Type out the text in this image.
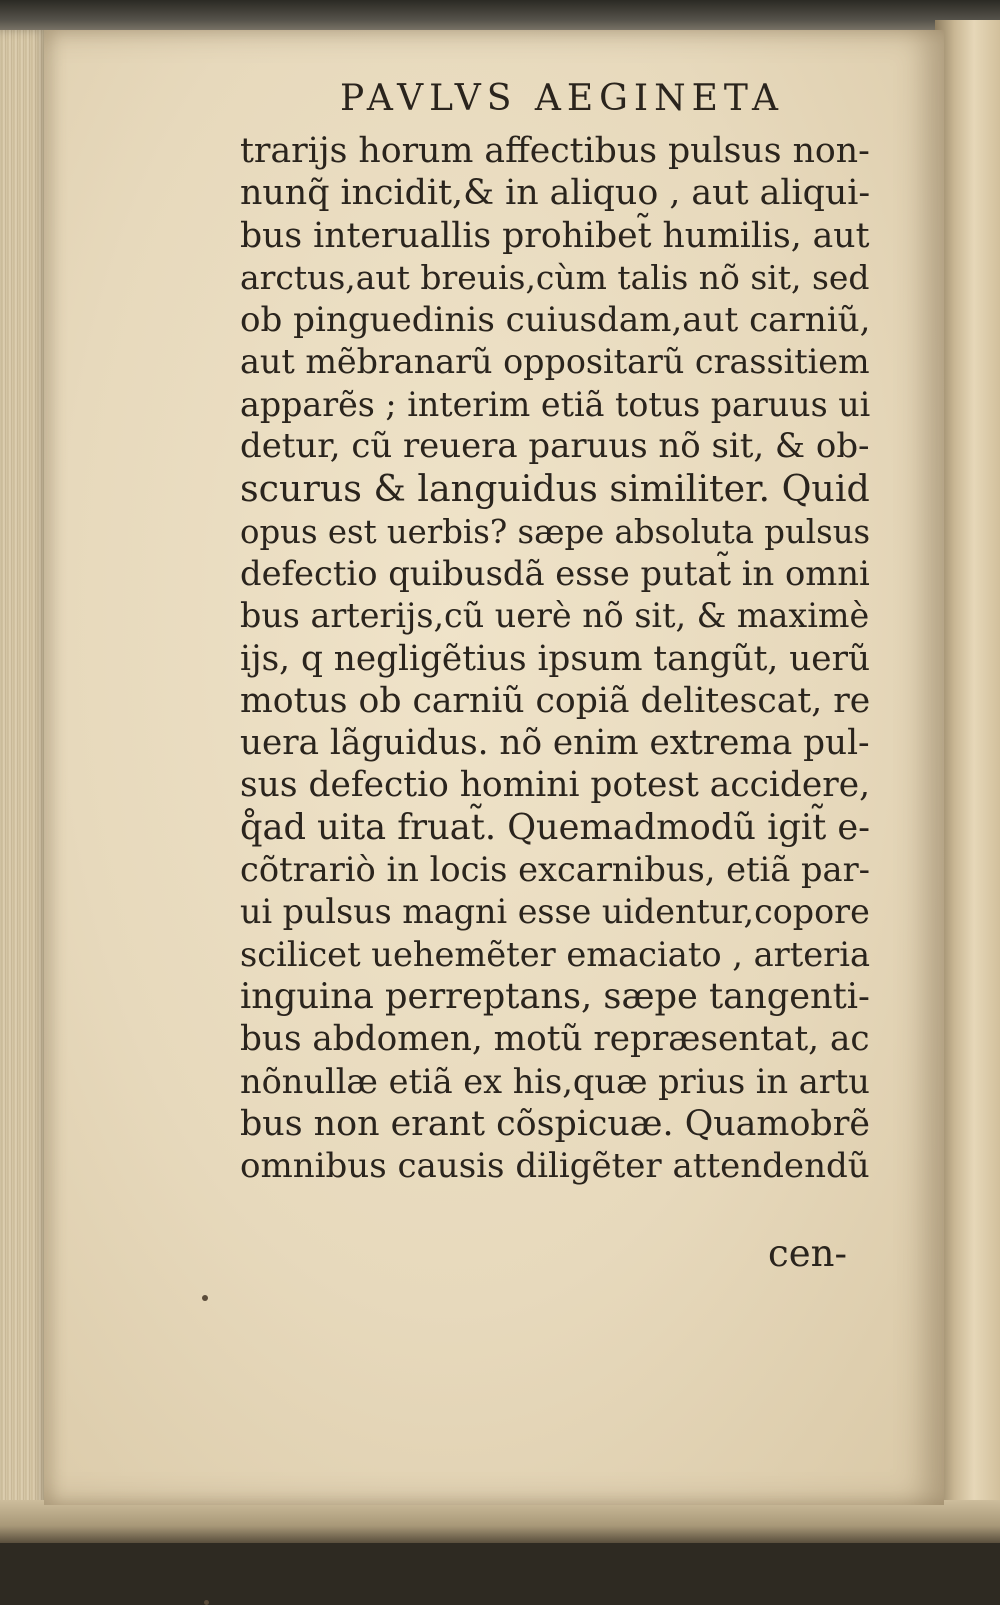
PAVLVS AEGINETA
trarijs horum affectibus pulsus non-
nunq̃ incidit,& in aliquo , aut aliqui-
bus interuallis prohibet̃ humilis, aut
arctus,aut breuis,cùm talis nõ sit, sed
ob pinguedinis cuiusdam,aut carniũ,
aut mẽbranarũ oppositarũ crassitiem
apparẽs ; interim etiã totus paruus ui
detur, cũ reuera paruus nõ sit, & ob-
scurus & languidus similiter. Quid
opus est uerbis? sæpe absoluta pulsus
defectio quibusdã esse putat̃ in omni
bus arterijs,cũ uerè nõ sit, & maximè
ijs, q negligẽtius ipsum tangũt, uerũ
motus ob carniũ copiã delitescat, re
uera lãguidus. nõ enim extrema pul-
sus defectio homini potest accidere,
q̊ad uita fruat̃. Quemadmodũ igit̃ e-
cõtrariò in locis excarnibus, etiã par-
ui pulsus magni esse uidentur,copore
scilicet uehemẽter emaciato , arteria
inguina perreptans, sæpe tangenti-
bus abdomen, motũ repræsentat, ac
nõnullæ etiã ex his,quæ prius in artu
bus non erant cõspicuæ. Quamobrẽ
omnibus causis diligẽter attendendũ
cen-
